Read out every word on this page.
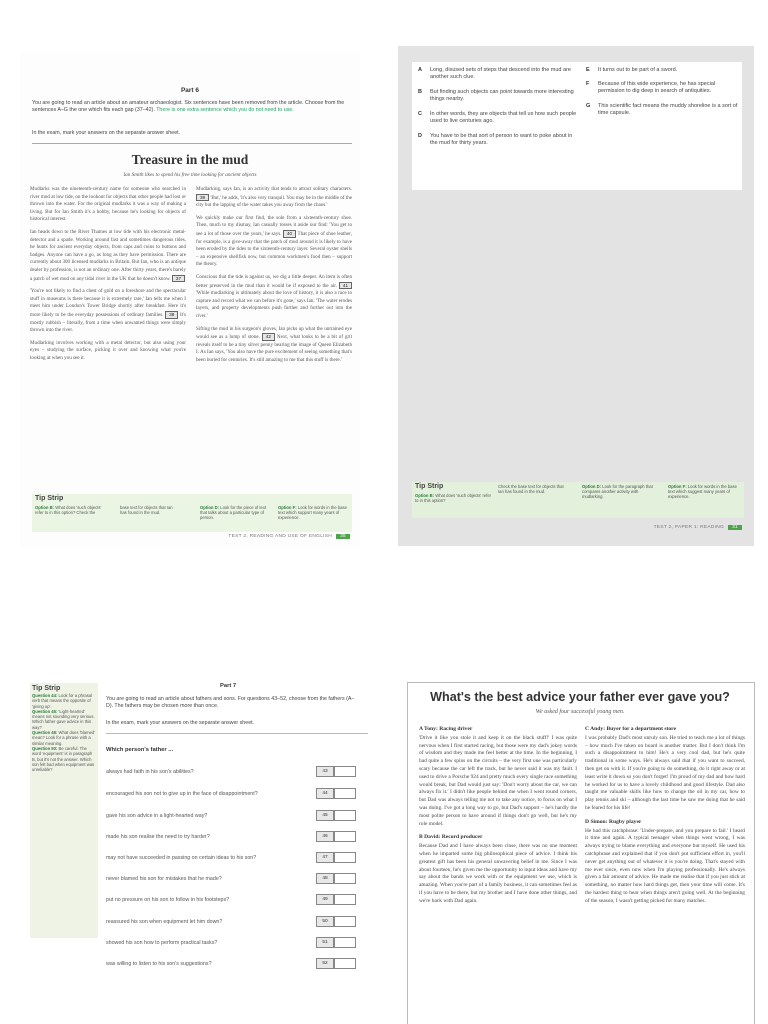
Part 6
You are going to read an article about an amateur archaeologist. Six sentences have been removed from the article. Choose from the sentences A–G the one which fits each gap (37–42). There is one extra sentence which you do not need to use.
In the exam, mark your answers on the separate answer sheet.
Treasure in the mud
Ian Smith likes to spend his free time looking for ancient objects

Mudlarks was the nineteenth-century name for someone who searched in river mud at low tide, on the lookout for objects that other people had lost or thrown into the water. For the original mudlarks it was a way of making a living. But for Ian Smith it's a hobby, because he's looking for objects of historical interest.

Ian heads down to the River Thames at low tide with his electronic metal-detector and a spade. Working around fast and sometimes dangerous tides, he hunts for ancient everyday objects, from caps and coins to buttons and badges. Anyone can have a go, as long as they have permission. There are currently about 300 licensed mudlarks in Britain. But Ian, who is an antique dealer by profession, is not an ordinary one. After thirty years, there's barely a patch of wet mud on any tidal river in the UK that he doesn't know. 37

'You're not likely to find a chest of gold on a foreshore and the spectacular stuff in museums is there because it is extremely rare,' Ian tells me when I meet him under London's Tower Bridge shortly after breakfast. Here it's more likely to be the everyday possessions of ordinary families. 38 It's mostly rubbish – literally, from a time when unwanted things were simply thrown into the river.

Mudlarking involves working with a metal detector, but also using your eyes – studying the surface, picking it over and knowing what you're looking at when you see it.

Mudlarking, says Ian, is an activity that tends to attract solitary characters. 39 'But,' he adds, 'it's also very tranquil. You may be in the middle of the city but the lapping of the water takes you away from the chaos.'

We quickly make our first find, the sole from a sixteenth-century shoe. Then, much to my dismay, Ian casually tosses it aside our find: 'You get to see a lot of those over the years,' he says. 40 That piece of shoe leather, for example, is a give-away that the patch of mud around it is likely to have been eroded by the tides to the sixteenth-century layer. Several oyster shells – an expensive shellfish now, but common workmen's food then – support the theory.

Conscious that the tide is against us, we dig a little deeper. An item is often better preserved in the mud than it would be if exposed to the air. 41 'While mudlarking is ultimately about the love of history, it is also a race to capture and record what we can before it's gone,' says Ian. 'The water erodes layers, and property developments push further and further out into the river.'

Sifting the mud in his surgeon's gloves, Ian picks up what the untrained eye would see as a lump of stone. 42 Next, what looks to be a bit of grit reveals itself to be a tiny silver penny bearing the image of Queen Elizabeth I. As Ian says, 'You also have the pure excitement of seeing something that's been buried for centuries. It's still amazing to me that this stuff is there.'

Tip Strip
Option B: What does 'such objects' refer to in this option? Check the
base text for objects that Ian has found in the mud.
Option D: Look for the piece of text that talks about a particular type of person.
Option F: Look for words in the base text which support many years of experience.
TEST 2, READING AND USE OF ENGLISH 35
A Long, disused sets of steps that descend into the mud are another such clue.
B But finding such objects can point towards more interesting things nearby.
C In other words, they are objects that tell us how such people used to live centuries ago.
D You have to be that sort of person to want to poke about in the mud for thirty years.
E It turns out to be part of a sword.
F Because of this wide experience, he has special permission to dig deep in search of antiquities.
G This scientific fact means the muddy shoreline is a sort of time capsule.
Tip Strip
Option B: What does 'such objects' refer to in this option?
Check the base text for objects that Ian has found in the mud.
Option D: Look for the paragraph that compares another activity with mudlarking.
Option F: Look for words in the base text which suggest many years of experience.
TEST 2, PAPER 1: READING 31
Tip Strip
Question 44: Look for a phrasal verb that means the opposite of 'giving up'.
Question 45: 'Light-hearted' means not sounding very serious. Which father gave advice in this way?
Question 48: What does 'blamed' mean? Look for a phrase with a similar meaning.
Question 50: Be careful. The word 'equipment' is in paragraph B, but it's not the answer. Which son felt bad when equipment was unreliable?
Part 7
You are going to read an article about fathers and sons. For questions 43–52, choose from the fathers (A–D). The fathers may be chosen more than once.
In the exam, mark your answers on the separate answer sheet.
Which person's father ...
always had faith in his son's abilities?	43
encouraged his son not to give up in the face of disappointment?	44
gave his son advice in a light-hearted way?	45
made his son realise the need to try harder?	46
may not have succeeded in passing on certain ideas to his son?	47
never blamed his son for mistakes that he made?	48
put no pressure on his son to follow in his footsteps?	49
reassured his son when equipment let him down?	50
showed his son how to perform practical tasks?	51
was willing to listen to his son's suggestions?	52
What's the best advice your father ever gave you?
We asked four successful young men.
A Tony: Racing driver

'Drive it like you stole it and keep it on the black stuff!' I was quite nervous when I first started racing, but those were my dad's jokey words of wisdom and they made me feel better at the time. In the beginning, I had quite a few spins on the circuits – the very first one was particularly scary because the car left the track, but he never said it was my fault. I used to drive a Porsche 924 and pretty much every single race something would break, but Dad would just say: 'Don't worry about the car, we can always fix it.' I didn't like people behind me when I went round corners, but Dad was always telling me not to take any notice, to focus on what I was doing. I've got a long way to go, but Dad's support – he's hardly the most polite person to have around if things don't go well, but he's my role model.

B David: Record producer

Because Dad and I have always been close, there was no one moment when he imparted some big philosophical piece of advice. I think his greatest gift has been his general unwavering belief in me. Since I was about fourteen, he's given me the opportunity to input ideas and have my say about the bands we work with or the equipment we use, which is amazing. When you're part of a family business, it can sometimes feel as if you have to be there, but my brother and I have done other things, and we're back with Dad again.

C Andy: Buyer for a department store

I was probably Dad's most unruly son. He tried to teach me a lot of things – how much I've taken on board is another matter. But I don't think I'm such a disappointment to him! He's a very cool dad, but he's quite traditional in some ways. He's always said that if you want to succeed, then get on with it. If you're going to do something, do it right away or at least write it down so you don't forget! I'm proud of my dad and how hard he worked for us to have a lovely childhood and good lifestyle. Dad also taught me valuable skills like how to change the oil in my car, how to play tennis and ski – although the last time he saw me doing that he said he feared for his life!

D Simon: Rugby player

He had this catchphrase: 'Under-prepare, and you prepare to fail.' I heard it time and again. A typical teenager when things went wrong, I was always trying to blame everything and everyone but myself. He used his catchphrase and explained that if you don't put sufficient effort in, you'll never get anything out of whatever it is you're doing. That's stayed with me ever since, even now when I'm playing professionally. He's always given a fair amount of advice. He made me realise that if you just stick at something, no matter how hard things get, then your time will come. It's the hardest thing to hear when things aren't going well. At the beginning of the season, I wasn't getting picked for many matches.
